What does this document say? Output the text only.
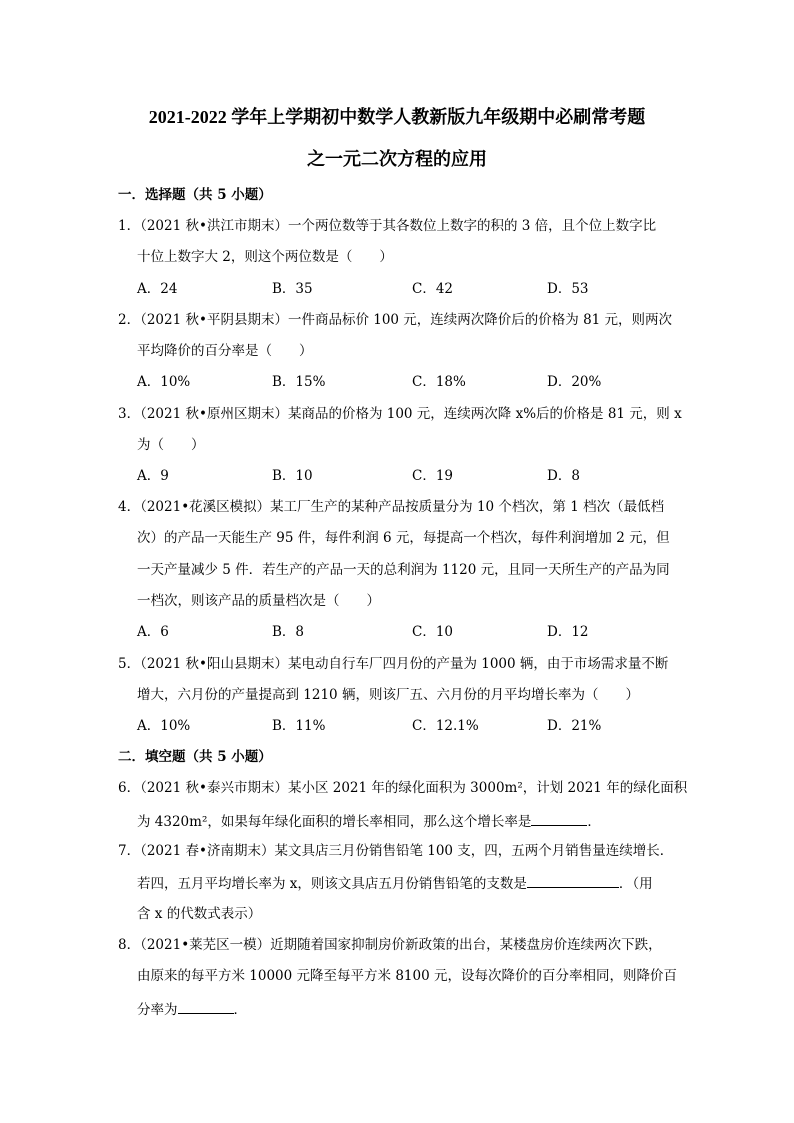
2021-2022 学年上学期初中数学人教新版九年级期中必刷常考题
之一元二次方程的应用
一．选择题（共 5 小题）
1．（2021 秋•洪江市期末）一个两位数等于其各数位上数字的积的 3 倍，且个位上数字比
十位上数字大 2，则这个两位数是（　　）
A．24	B．35	C．42	D．53
2．（2021 秋•平阴县期末）一件商品标价 100 元，连续两次降价后的价格为 81 元，则两次
平均降价的百分率是（　　）
A．10%	B．15%	C．18%	D．20%
3．（2021 秋•原州区期末）某商品的价格为 100 元，连续两次降 x%后的价格是 81 元，则 x
为（　　）
A．9	B．10	C．19	D．8
4．（2021•花溪区模拟）某工厂生产的某种产品按质量分为 10 个档次，第 1 档次（最低档
次）的产品一天能生产 95 件，每件利润 6 元，每提高一个档次，每件利润增加 2 元，但
一天产量减少 5 件．若生产的产品一天的总利润为 1120 元，且同一天所生产的产品为同
一档次，则该产品的质量档次是（　　）
A．6	B．8	C．10	D．12
5．（2021 秋•阳山县期末）某电动自行车厂四月份的产量为 1000 辆，由于市场需求量不断
增大，六月份的产量提高到 1210 辆，则该厂五、六月份的月平均增长率为（　　）
A．10%	B．11%	C．12.1%	D．21%
二．填空题（共 5 小题）
6．（2021 秋•泰兴市期末）某小区 2021 年的绿化面积为 3000m²，计划 2021 年的绿化面积
为 4320m²，如果每年绿化面积的增长率相同，那么这个增长率是	．
7．（2021 春•济南期末）某文具店三月份销售铅笔 100 支，四，五两个月销售量连续增长．
若四，五月平均增长率为 x，则该文具店五月份销售铅笔的支数是	．（用
含 x 的代数式表示）
8．（2021•莱芜区一模）近期随着国家抑制房价新政策的出台，某楼盘房价连续两次下跌，
由原来的每平方米 10000 元降至每平方米 8100 元，设每次降价的百分率相同，则降价百
分率为	．
